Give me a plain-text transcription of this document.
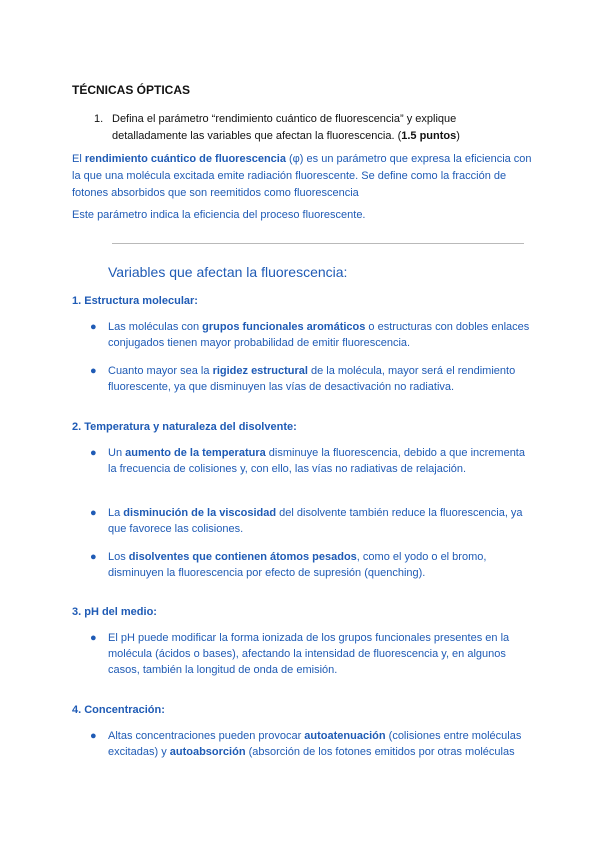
TÉCNICAS ÓPTICAS
1. Defina el parámetro “rendimiento cuántico de fluorescencia” y explique detalladamente las variables que afectan la fluorescencia. (1.5 puntos)
El rendimiento cuántico de fluorescencia (φ) es un parámetro que expresa la eficiencia con la que una molécula excitada emite radiación fluorescente. Se define como la fracción de fotones absorbidos que son reemitidos como fluorescencia
Este parámetro indica la eficiencia del proceso fluorescente.
Variables que afectan la fluorescencia:
1. Estructura molecular:
● Las moléculas con grupos funcionales aromáticos o estructuras con dobles enlaces conjugados tienen mayor probabilidad de emitir fluorescencia.
● Cuanto mayor sea la rigidez estructural de la molécula, mayor será el rendimiento fluorescente, ya que disminuyen las vías de desactivación no radiativa.
2. Temperatura y naturaleza del disolvente:
● Un aumento de la temperatura disminuye la fluorescencia, debido a que incrementa la frecuencia de colisiones y, con ello, las vías no radiativas de relajación.
● La disminución de la viscosidad del disolvente también reduce la fluorescencia, ya que favorece las colisiones.
● Los disolventes que contienen átomos pesados, como el yodo o el bromo, disminuyen la fluorescencia por efecto de supresión (quenching).
3. pH del medio:
● El pH puede modificar la forma ionizada de los grupos funcionales presentes en la molécula (ácidos o bases), afectando la intensidad de fluorescencia y, en algunos casos, también la longitud de onda de emisión.
4. Concentración:
● Altas concentraciones pueden provocar autoatenuación (colisiones entre moléculas excitadas) y autoabsorción (absorción de los fotones emitidos por otras moléculas
